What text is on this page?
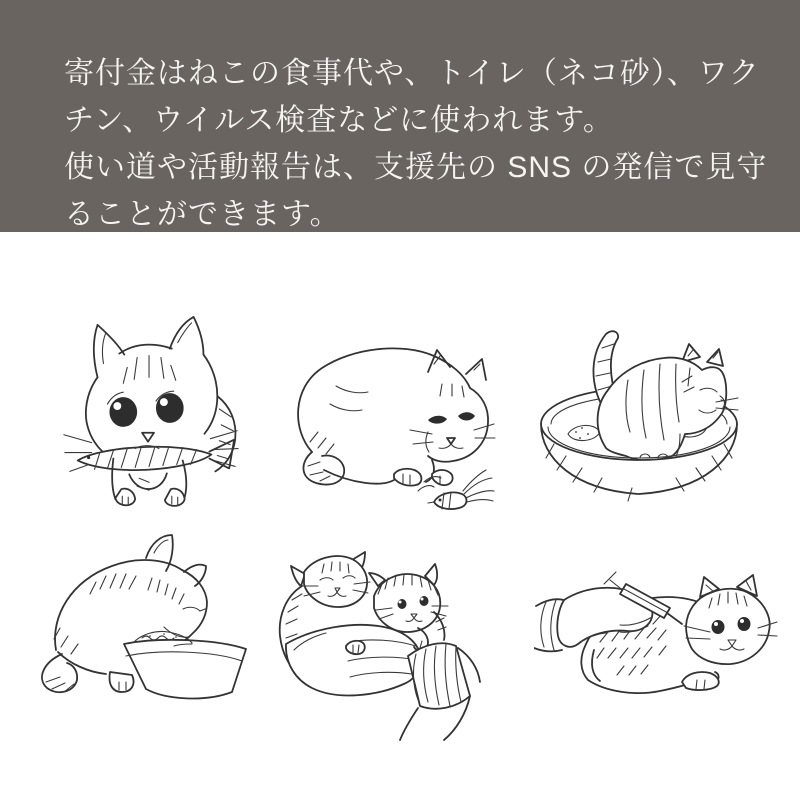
寄付金はねこの食事代や、トイレ（ネコ砂）、ワク
チン、ウイルス検査などに使われます。
使い道や活動報告は、支援先の SNS の発信で見守
ることができます。
